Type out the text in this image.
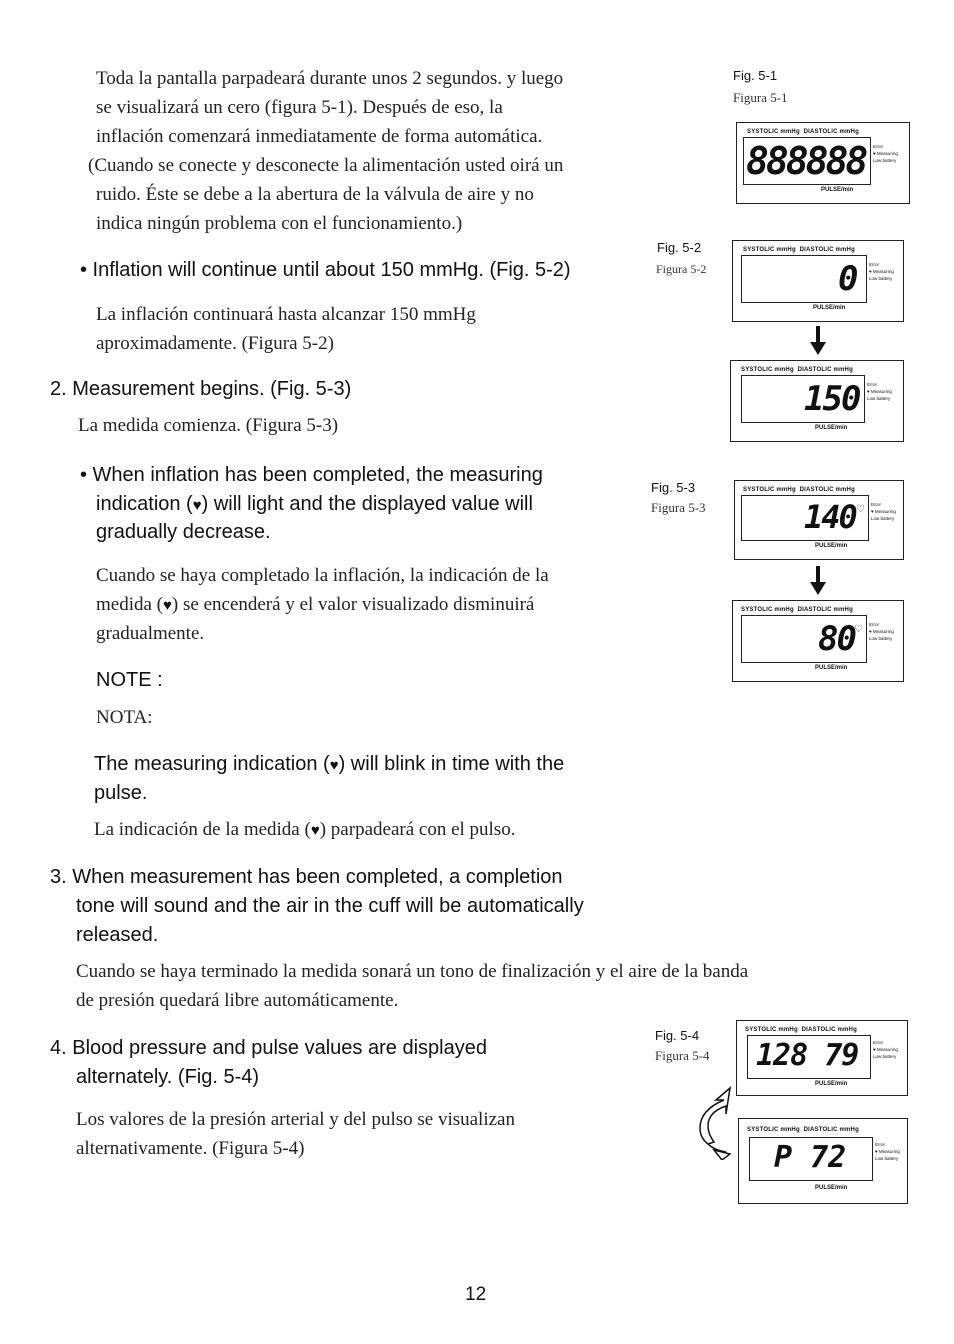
Toda la pantalla parpadeará durante unos 2 segundos. y luego
se visualizará un cero (figura 5-1). Después de eso, la
inflación comenzará inmediatamente de forma automática.
(Cuando se conecte y desconecte la alimentación usted oirá un
ruido. Éste se debe a la abertura de la válvula de aire y no
indica ningún problema con el funcionamiento.)
• Inflation will continue until about 150 mmHg. (Fig. 5-2)
La inflación continuará hasta alcanzar 150 mmHg
aproximadamente. (Figura 5-2)
2. Measurement begins. (Fig. 5-3)
La medida comienza. (Figura 5-3)
• When inflation has been completed, the measuring
indication (♥) will light and the displayed value will
gradually decrease.
Cuando se haya completado la inflación, la indicación de la
medida (♥) se encenderá y el valor visualizado disminuirá
gradualmente.
NOTE :
NOTA:
The measuring indication (♥) will blink in time with the
pulse.
La indicación de la medida (♥) parpadeará con el pulso.
3. When measurement has been completed, a completion
tone will sound and the air in the cuff will be automatically
released.
Cuando se haya terminado la medida sonará un tono de finalización y el aire de la banda
de presión quedará libre automáticamente.
4. Blood pressure and pulse values are displayed
alternately. (Fig. 5-4)
Los valores de la presión arterial y del pulso se visualizan
alternativamente. (Figura 5-4)
12
Fig. 5-1
Figura 5-1
Fig. 5-2
Figura 5-2
Fig. 5-3
Figura 5-3
Fig. 5-4
Figura 5-4
SYSTOLIC mmHg DIASTOLIC mmHg
888888 Error
♥ Measuring
Low battery
PULSE/min
SYSTOLIC mmHg DIASTOLIC mmHg
0 Error
♥ Measuring
Low battery
PULSE/min
SYSTOLIC mmHg DIASTOLIC mmHg
150 Error
♥ Measuring
Low battery
PULSE/min
SYSTOLIC mmHg DIASTOLIC mmHg
140 ♡ Error
♥ Measuring
Low battery
PULSE/min
SYSTOLIC mmHg DIASTOLIC mmHg
80 ♡ Error
♥ Measuring
Low battery
PULSE/min
SYSTOLIC mmHg DIASTOLIC mmHg
128 79	Error
♥ Measuring
Low battery
PULSE/min
SYSTOLIC mmHg DIASTOLIC mmHg
P 72	Error
♥ Measuring
Low battery
PULSE/min
